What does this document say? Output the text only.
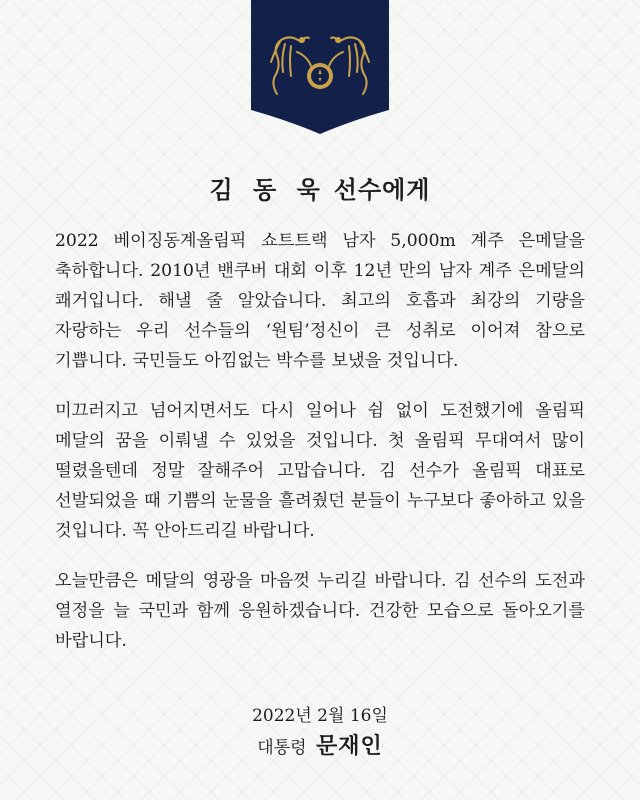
김 동 욱 선수에게

2022 베이징동계올림픽 쇼트트랙 남자 5,000m 계주 은메달을 축하합니다. 2010년 밴쿠버 대회 이후 12년 만의 남자 계주 은메달의 쾌거입니다. 해낼 줄 알았습니다. 최고의 호흡과 최강의 기량을 자랑하는 우리 선수들의 ‘원팀’정신이 큰 성취로 이어져 참으로 기쁩니다. 국민들도 아낌없는 박수를 보냈을 것입니다.

미끄러지고 넘어지면서도 다시 일어나 쉼 없이 도전했기에 올림픽 메달의 꿈을 이뤄낼 수 있었을 것입니다. 첫 올림픽 무대여서 많이 떨렸을텐데 정말 잘해주어 고맙습니다. 김 선수가 올림픽 대표로 선발되었을 때 기쁨의 눈물을 흘려줬던 분들이 누구보다 좋아하고 있을 것입니다. 꼭 안아드리길 바랍니다.

오늘만큼은 메달의 영광을 마음껏 누리길 바랍니다. 김 선수의 도전과 열정을 늘 국민과 함께 응원하겠습니다. 건강한 모습으로 돌아오기를 바랍니다.

2022년 2월 16일
대통령 문재인
